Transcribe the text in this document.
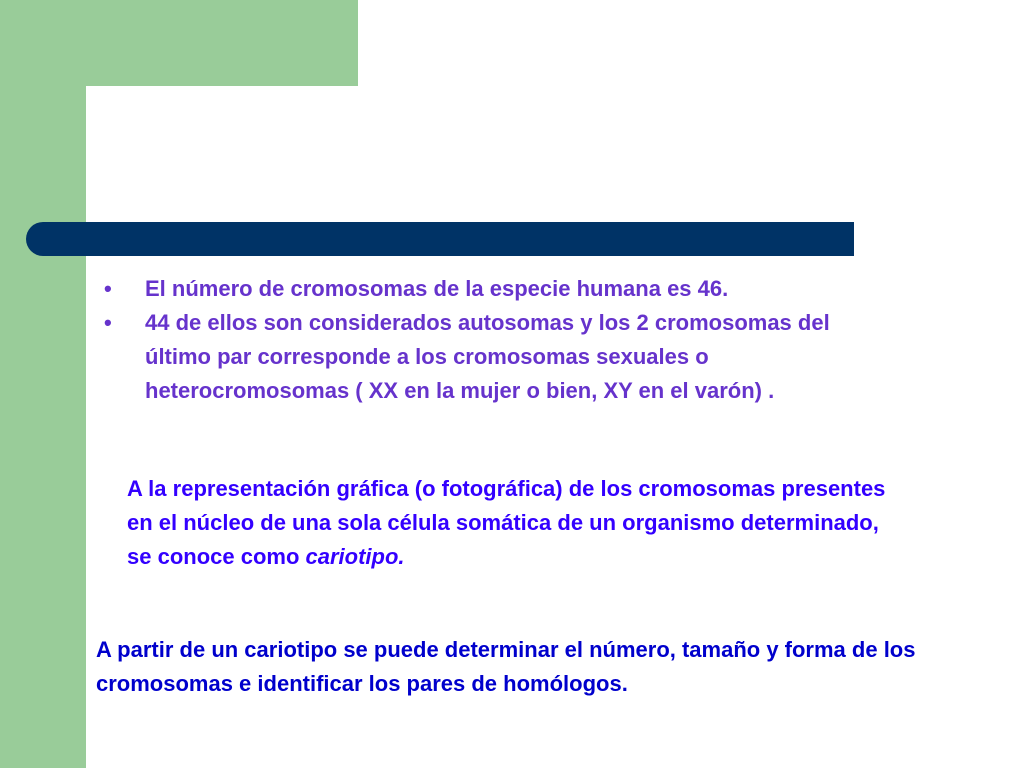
• El número de cromosomas de la especie humana es 46.
• 44 de ellos son considerados autosomas y los 2 cromosomas del último par corresponde a los cromosomas sexuales o heterocromosomas ( XX en la mujer o bien, XY en el varón) .
A la representación gráfica (o fotográfica) de los cromosomas presentes en el núcleo de una sola célula somática de un organismo determinado, se conoce como cariotipo.
A partir de un cariotipo se puede determinar el número, tamaño y forma de los cromosomas e identificar los pares de homólogos.
